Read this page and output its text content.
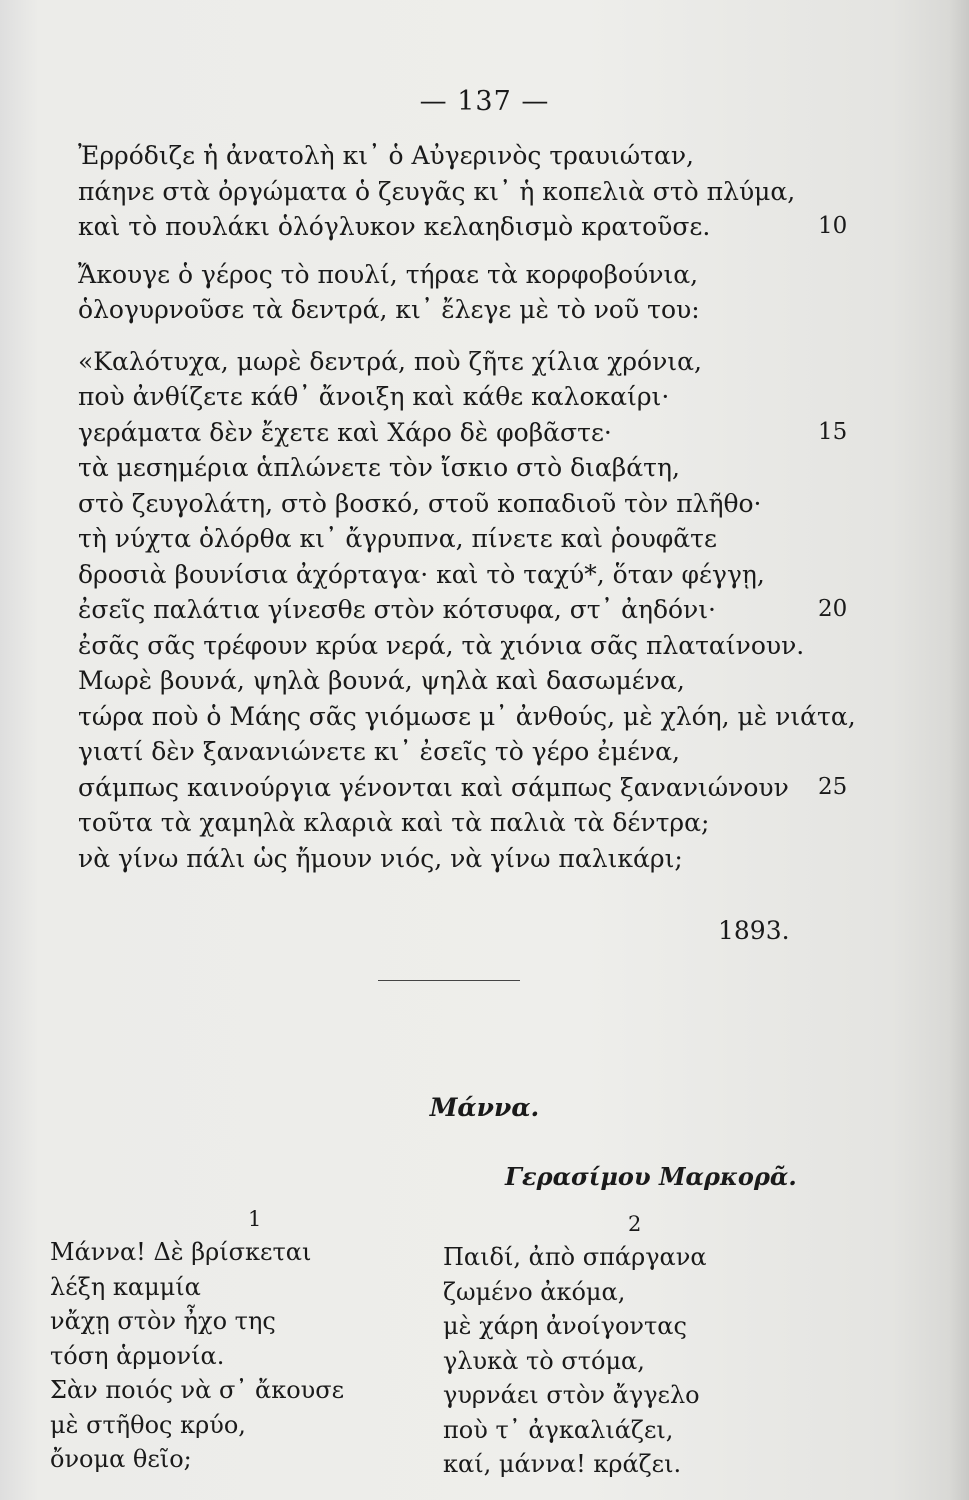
— 137 —
Ἐρρόδιζε ἡ ἀνατολὴ κι᾽ ὁ Αὐγερινὸς τραυιώταν,
πάηνε στὰ ὀργώματα ὁ ζευγᾶς κι᾽ ἡ κοπελιὰ στὸ πλύμα,
καὶ τὸ πουλάκι ὁλόγλυκον κελαηδισμὸ κρατοῦσε.	10
Ἄκουγε ὁ γέρος τὸ πουλί, τήραε τὰ κορφοβούνια,
ὁλογυρνοῦσε τὰ δεντρά, κι᾽ ἔλεγε μὲ τὸ νοῦ του:
«Καλότυχα, μωρὲ δεντρά, ποὺ ζῆτε χίλια χρόνια,
ποὺ ἀνθίζετε κάθ᾽ ἄνοιξη καὶ κάθε καλοκαίρι·
γεράματα δὲν ἔχετε καὶ Χάρο δὲ φοβᾶστε·	15
τὰ μεσημέρια ἁπλώνετε τὸν ἴσκιο στὸ διαβάτη,
στὸ ζευγολάτη, στὸ βοσκό, στοῦ κοπαδιοῦ τὸν πλῆθο·
τὴ νύχτα ὁλόρθα κι᾽ ἄγρυπνα, πίνετε καὶ ῥουφᾶτε
δροσιὰ βουνίσια ἀχόρταγα· καὶ τὸ ταχύ*, ὅταν φέγγῃ,
ἐσεῖς παλάτια γίνεσθε στὸν κότσυφα, στ᾽ ἀηδόνι·	20
ἐσᾶς σᾶς τρέφουν κρύα νερά, τὰ χιόνια σᾶς πλαταίνουν.
Μωρὲ βουνά, ψηλὰ βουνά, ψηλὰ καὶ δασωμένα,
τώρα ποὺ ὁ Μάης σᾶς γιόμωσε μ᾽ ἀνθούς, μὲ χλόη, μὲ νιάτα,
γιατί δὲν ξανανιώνετε κι᾽ ἐσεῖς τὸ γέρο ἐμένα,
σάμπως καινούργια γένονται καὶ σάμπως ξανανιώνουν 25
τοῦτα τὰ χαμηλὰ κλαριὰ καὶ τὰ παλιὰ τὰ δέντρα;
νὰ γίνω πάλι ὡς ἤμουν νιός, νὰ γίνω παλικάρι;
1893.
Μάννα.
Γερασίμου Μαρκορᾶ.
1
Μάννα! Δὲ βρίσκεται
λέξη καμμία
νἄχῃ στὸν ἦχο της
τόση ἁρμονία.
Σὰν ποιός νὰ σ᾽ ἄκουσε
μὲ στῆθος κρύο,
ὄνομα θεῖο;
2
Παιδί, ἀπὸ σπάργανα
ζωμένο ἀκόμα,
μὲ χάρη ἀνοίγοντας
γλυκὰ τὸ στόμα,
γυρνάει στὸν ἄγγελο
ποὺ τ᾽ ἀγκαλιάζει,
καί, μάννα! κράζει.
